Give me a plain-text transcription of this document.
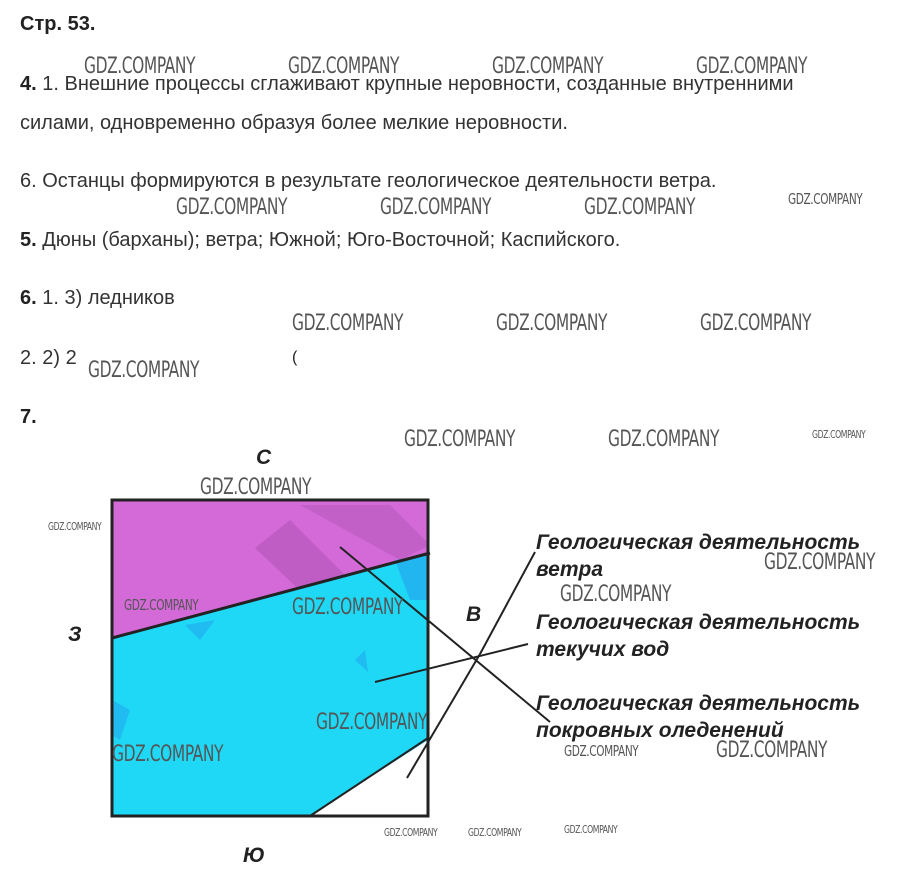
Стр. 53.
4. 1. Внешние процессы сглаживают крупные неровности, созданные внутренними
силами, одновременно образуя более мелкие неровности.
6. Останцы формируются в результате геологическое деятельности ветра.
5. Дюны (барханы); ветра; Южной; Юго-Восточной; Каспийского.
6. 1. 3) ледников
2. 2) 2
7.
(
С
Ю
З
В
Геологическая деятельность
ветра
Геологическая деятельность
текучих вод
Геологическая деятельность
покровных оледенений
GDZ.COMPANY	GDZ.COMPANY	GDZ.COMPANY	GDZ.COMPANY
GDZ.COMPANY	GDZ.COMPANY	GDZ.COMPANY	GDZ.COMPANY
GDZ.COMPANY	GDZ.COMPANY	GDZ.COMPANY
GDZ.COMPANY
GDZ.COMPANY	GDZ.COMPANY	GDZ.COMPANY
GDZ.COMPANY
GDZ.COMPANY
GDZ.COMPANY
GDZ.COMPANY
GDZ.COMPANY	GDZ.COMPANY
GDZ.COMPANY
GDZ.COMPANY	GDZ.COMPANY	GDZ.COMPANY
GDZ.COMPANY	GDZ.COMPANY	GDZ.COMPANY
